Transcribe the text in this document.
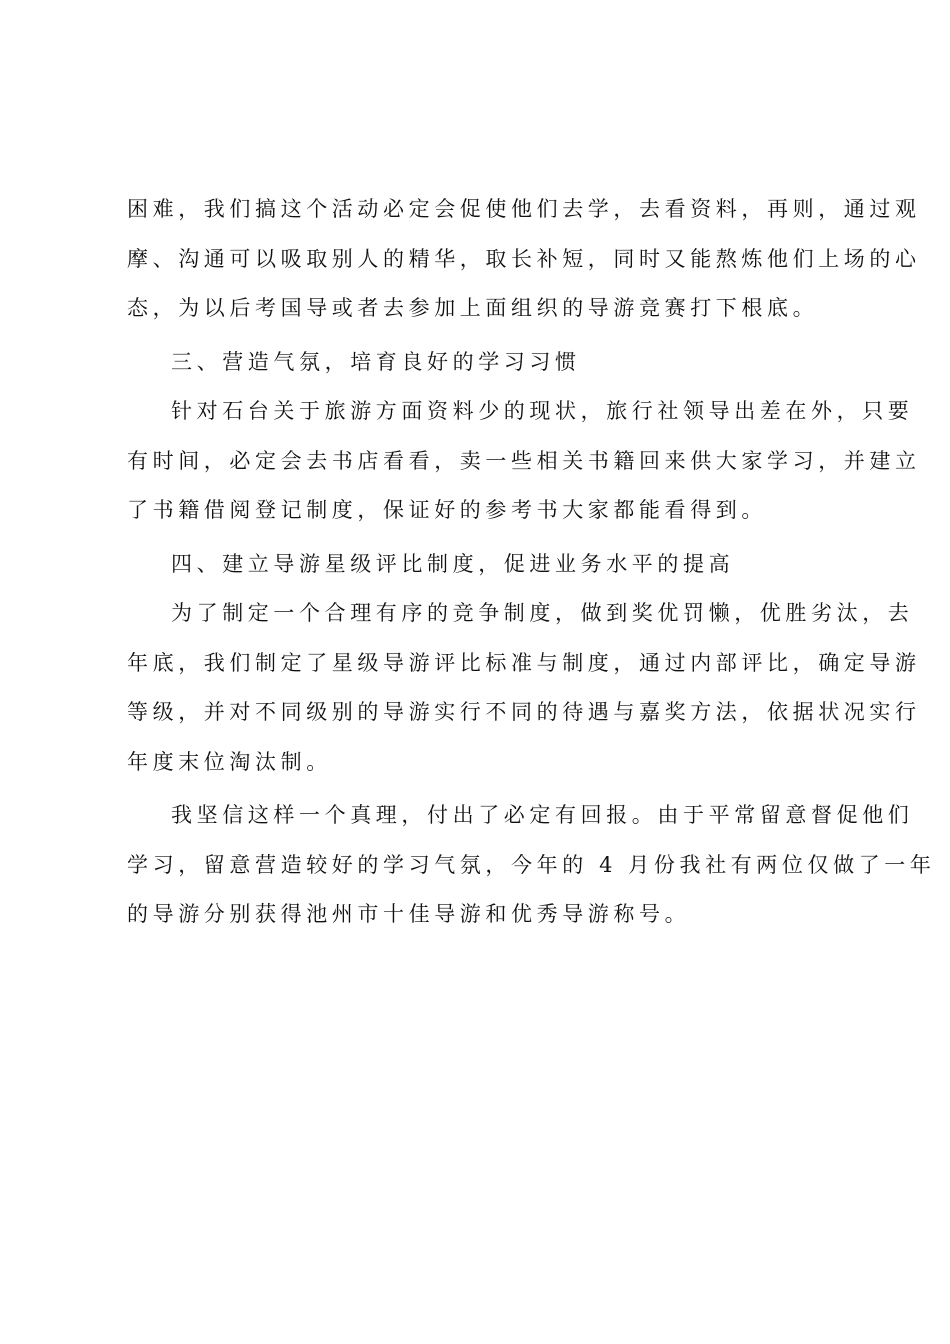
困难，我们搞这个活动必定会促使他们去学，去看资料，再则，通过观
摩、沟通可以吸取别人的精华，取长补短，同时又能熬炼他们上场的心
态，为以后考国导或者去参加上面组织的导游竞赛打下根底。
三、营造气氛，培育良好的学习习惯
针对石台关于旅游方面资料少的现状，旅行社领导出差在外，只要
有时间，必定会去书店看看，卖一些相关书籍回来供大家学习，并建立
了书籍借阅登记制度，保证好的参考书大家都能看得到。
四、建立导游星级评比制度，促进业务水平的提高
为了制定一个合理有序的竞争制度，做到奖优罚懒，优胜劣汰，去
年底，我们制定了星级导游评比标准与制度，通过内部评比，确定导游
等级，并对不同级别的导游实行不同的待遇与嘉奖方法，依据状况实行
年度末位淘汰制。
我坚信这样一个真理，付出了必定有回报。由于平常留意督促他们
学习，留意营造较好的学习气氛，今年的 4 月份我社有两位仅做了一年
的导游分别获得池州市十佳导游和优秀导游称号。
